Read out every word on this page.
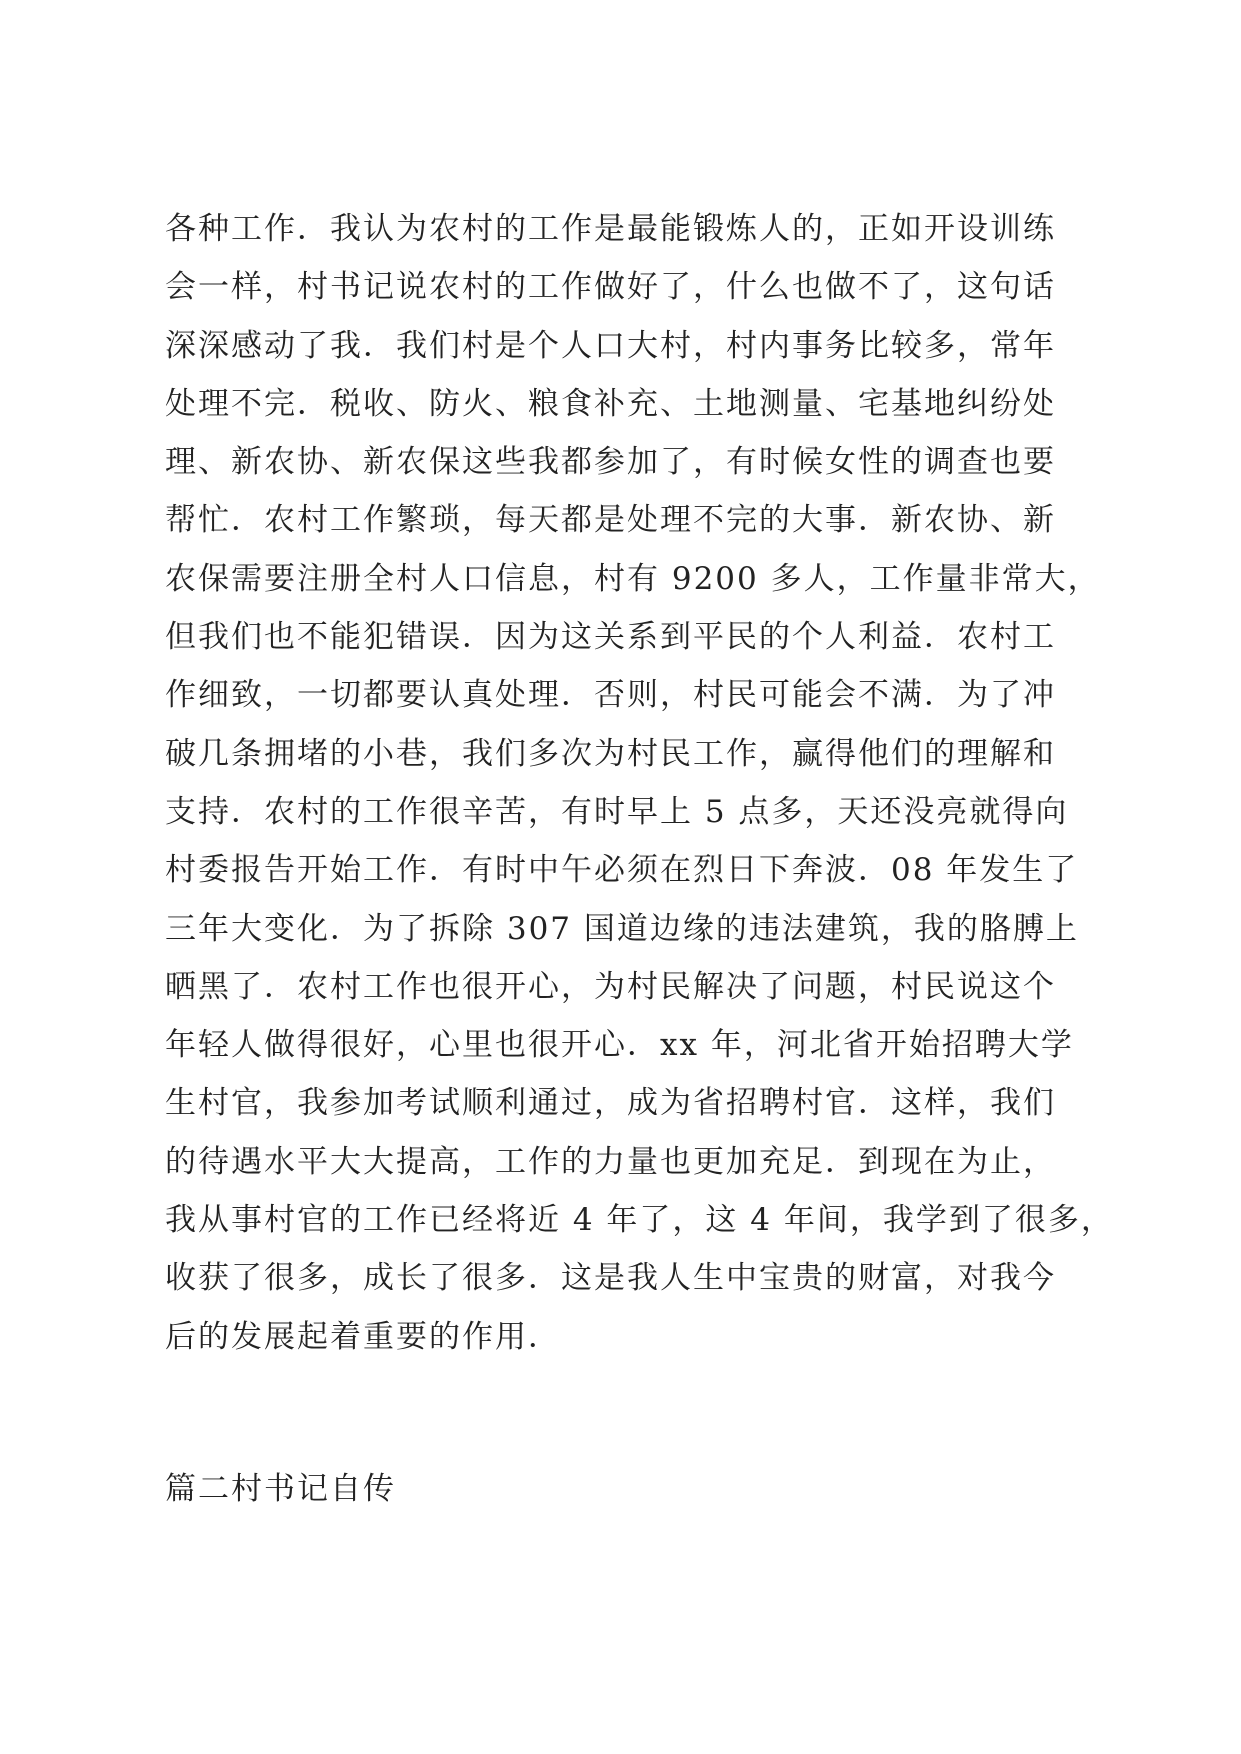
各种工作．我认为农村的工作是最能锻炼人的，正如开设训练
会一样，村书记说农村的工作做好了，什么也做不了，这句话
深深感动了我．我们村是个人口大村，村内事务比较多，常年
处理不完．税收、防火、粮食补充、土地测量、宅基地纠纷处
理、新农协、新农保这些我都参加了，有时候女性的调查也要
帮忙．农村工作繁琐，每天都是处理不完的大事．新农协、新
农保需要注册全村人口信息，村有 9200 多人，工作量非常大，
但我们也不能犯错误．因为这关系到平民的个人利益．农村工
作细致，一切都要认真处理．否则，村民可能会不满．为了冲
破几条拥堵的小巷，我们多次为村民工作，赢得他们的理解和
支持．农村的工作很辛苦，有时早上 5 点多，天还没亮就得向
村委报告开始工作．有时中午必须在烈日下奔波．08 年发生了
三年大变化．为了拆除 307 国道边缘的违法建筑，我的胳膊上
晒黑了．农村工作也很开心，为村民解决了问题，村民说这个
年轻人做得很好，心里也很开心．xx 年，河北省开始招聘大学
生村官，我参加考试顺利通过，成为省招聘村官．这样，我们
的待遇水平大大提高，工作的力量也更加充足．到现在为止，
我从事村官的工作已经将近 4 年了，这 4 年间，我学到了很多，
收获了很多，成长了很多．这是我人生中宝贵的财富，对我今
后的发展起着重要的作用．
篇二村书记自传
